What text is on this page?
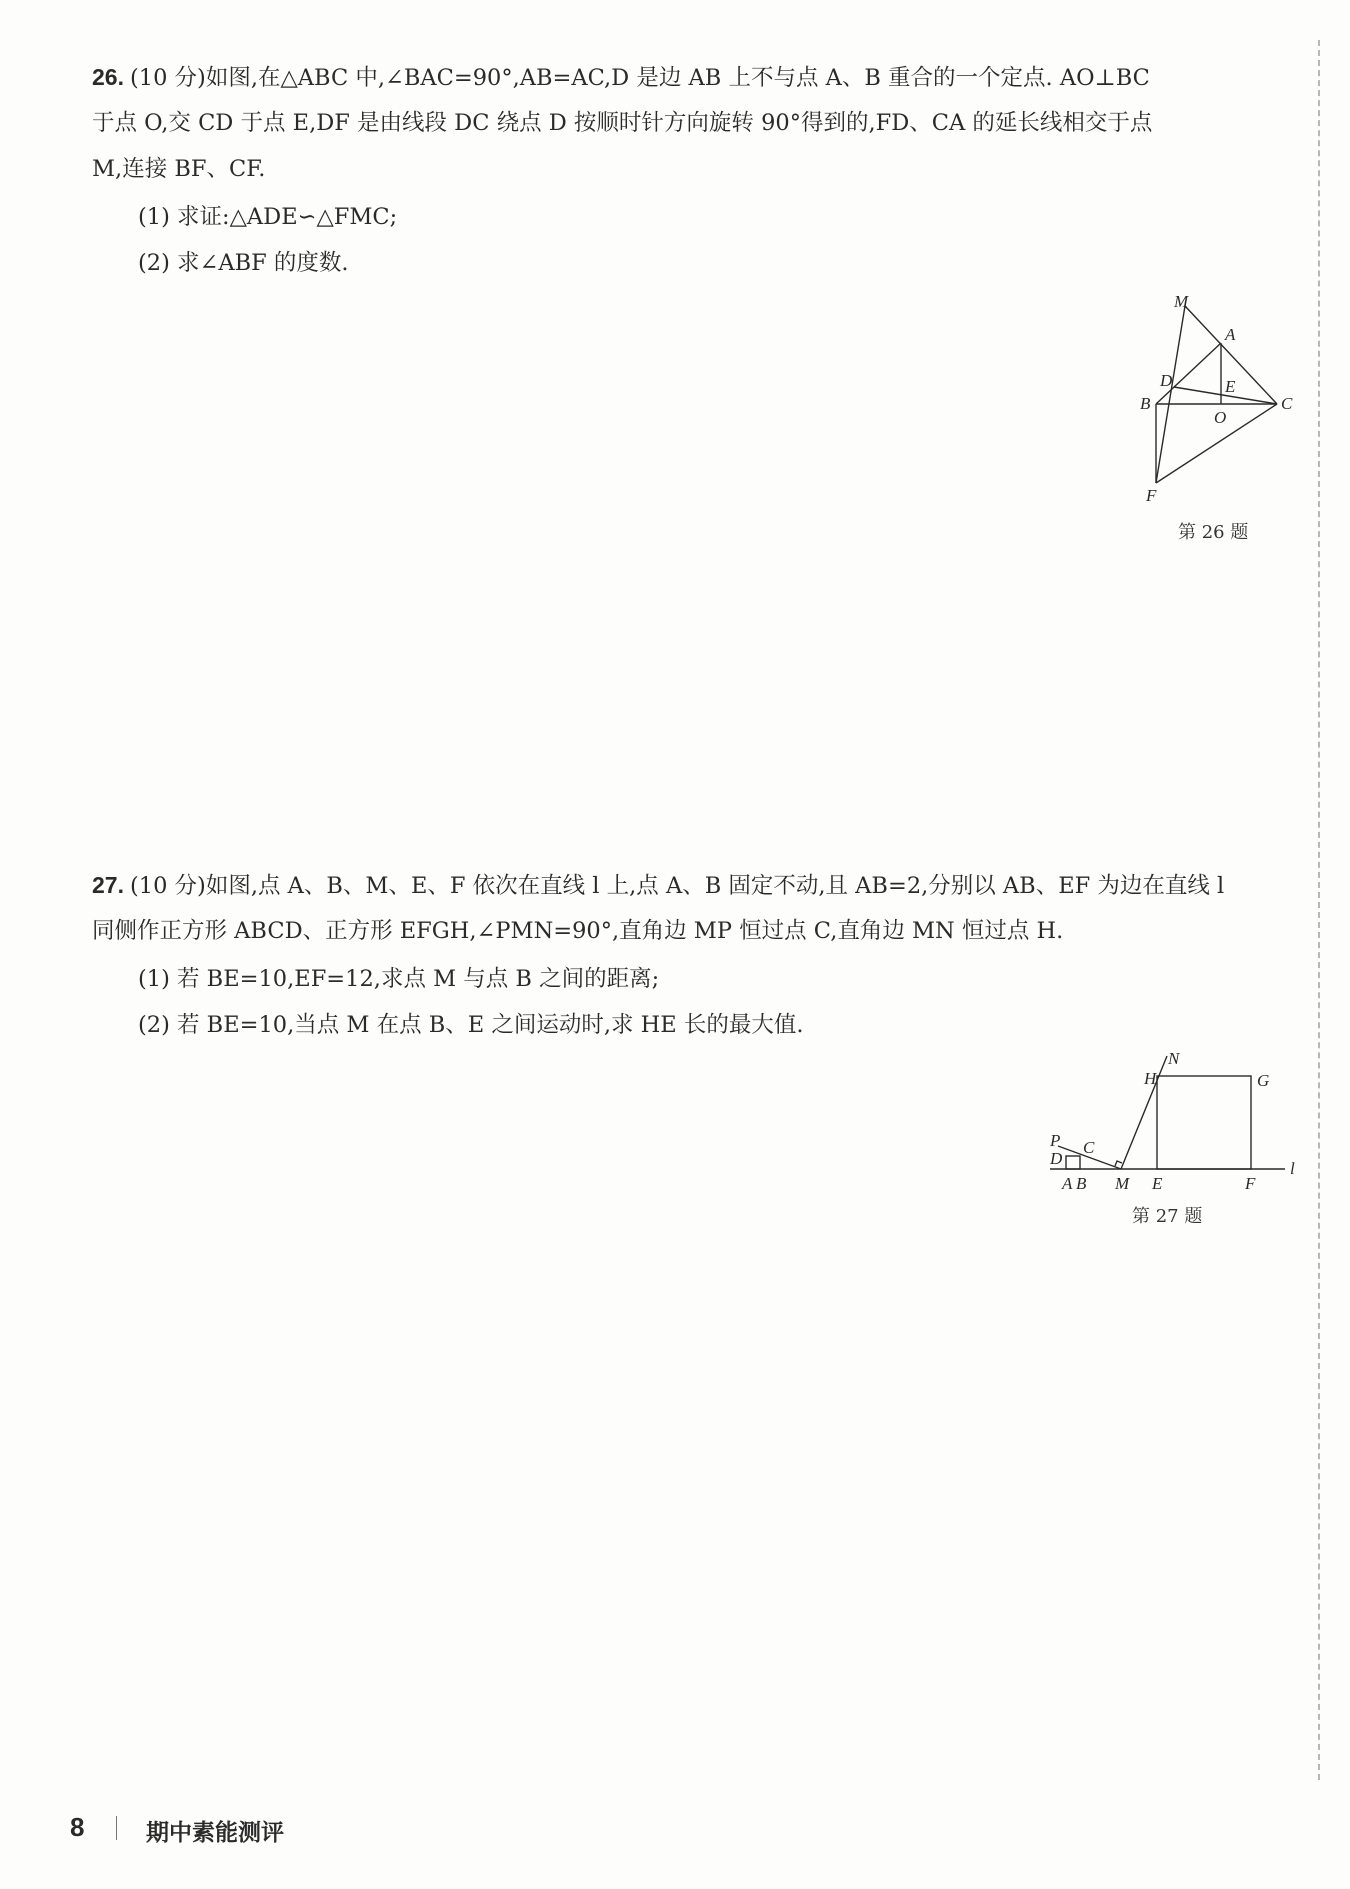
26. (10 分)如图,在△ABC 中,∠BAC=90°,AB=AC,D 是边 AB 上不与点 A、B 重合的一个定点. AO⊥BC
于点 O,交 CD 于点 E,DF 是由线段 DC 绕点 D 按顺时针方向旋转 90°得到的,FD、CA 的延长线相交于点
M,连接 BF、CF.
(1) 求证:△ADE∽△FMC;
(2) 求∠ABF 的度数.
M
A
D	E
B
O
C
F
第 26 题
27. (10 分)如图,点 A、B、M、E、F 依次在直线 l 上,点 A、B 固定不动,且 AB=2,分别以 AB、EF 为边在直线 l
同侧作正方形 ABCD、正方形 EFGH,∠PMN=90°,直角边 MP 恒过点 C,直角边 MN 恒过点 H.
(1) 若 BE=10,EF=12,求点 M 与点 B 之间的距离;
(2) 若 BE=10,当点 M 在点 B、E 之间运动时,求 HE 长的最大值.
H
N
G
P C
D
A B M E	F
l
第 27 题
8	期中素能测评
